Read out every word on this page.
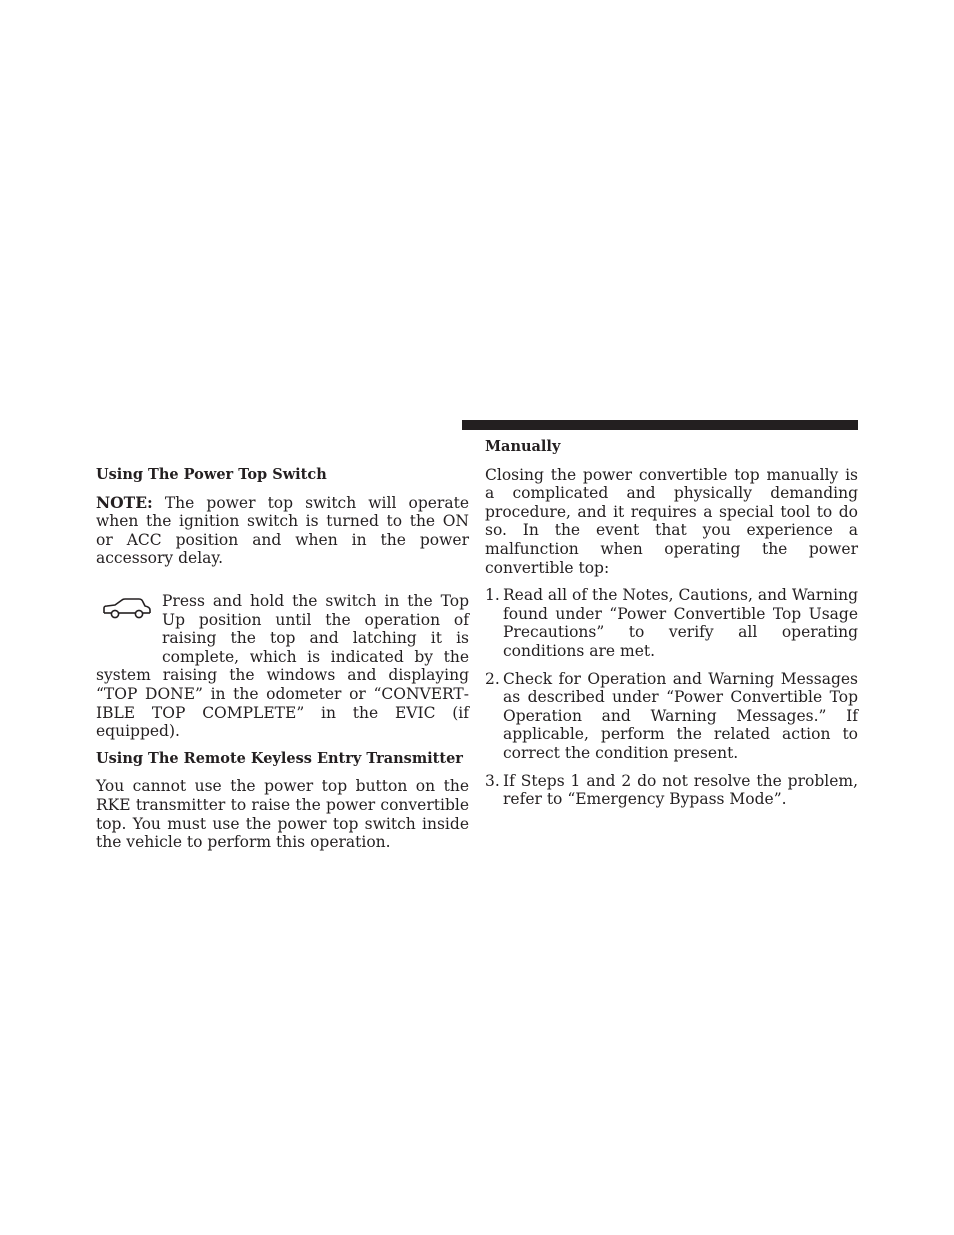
Using The Power Top Switch

NOTE: The power top switch will operate when the ignition switch is turned to the ON or ACC position and when in the power accessory delay.

Press and hold the switch in the Top Up position until the operation of raising the top and latching it is complete, which is indicated by the system raising the windows and displaying “TOP DONE” in the odometer or “CONVERTIBLE TOP COMPLETE” in the EVIC (if equipped).

Using The Remote Keyless Entry Transmitter

You cannot use the power top button on the RKE transmitter to raise the power convertible top. You must use the power top switch inside the vehicle to perform this operation.

Manually

Closing the power convertible top manually is a complicated and physically demanding procedure, and it requires a special tool to do so. In the event that you experience a malfunction when operating the power convertible top:

1. Read all of the Notes, Cautions, and Warning found under “Power Convertible Top Usage Precautions” to verify all operating conditions are met.
2. Check for Operation and Warning Messages as described under “Power Convertible Top Operation and Warning Messages.” If applicable, perform the related action to correct the condition present.
3. If Steps 1 and 2 do not resolve the problem, refer to “Emergency Bypass Mode”.
